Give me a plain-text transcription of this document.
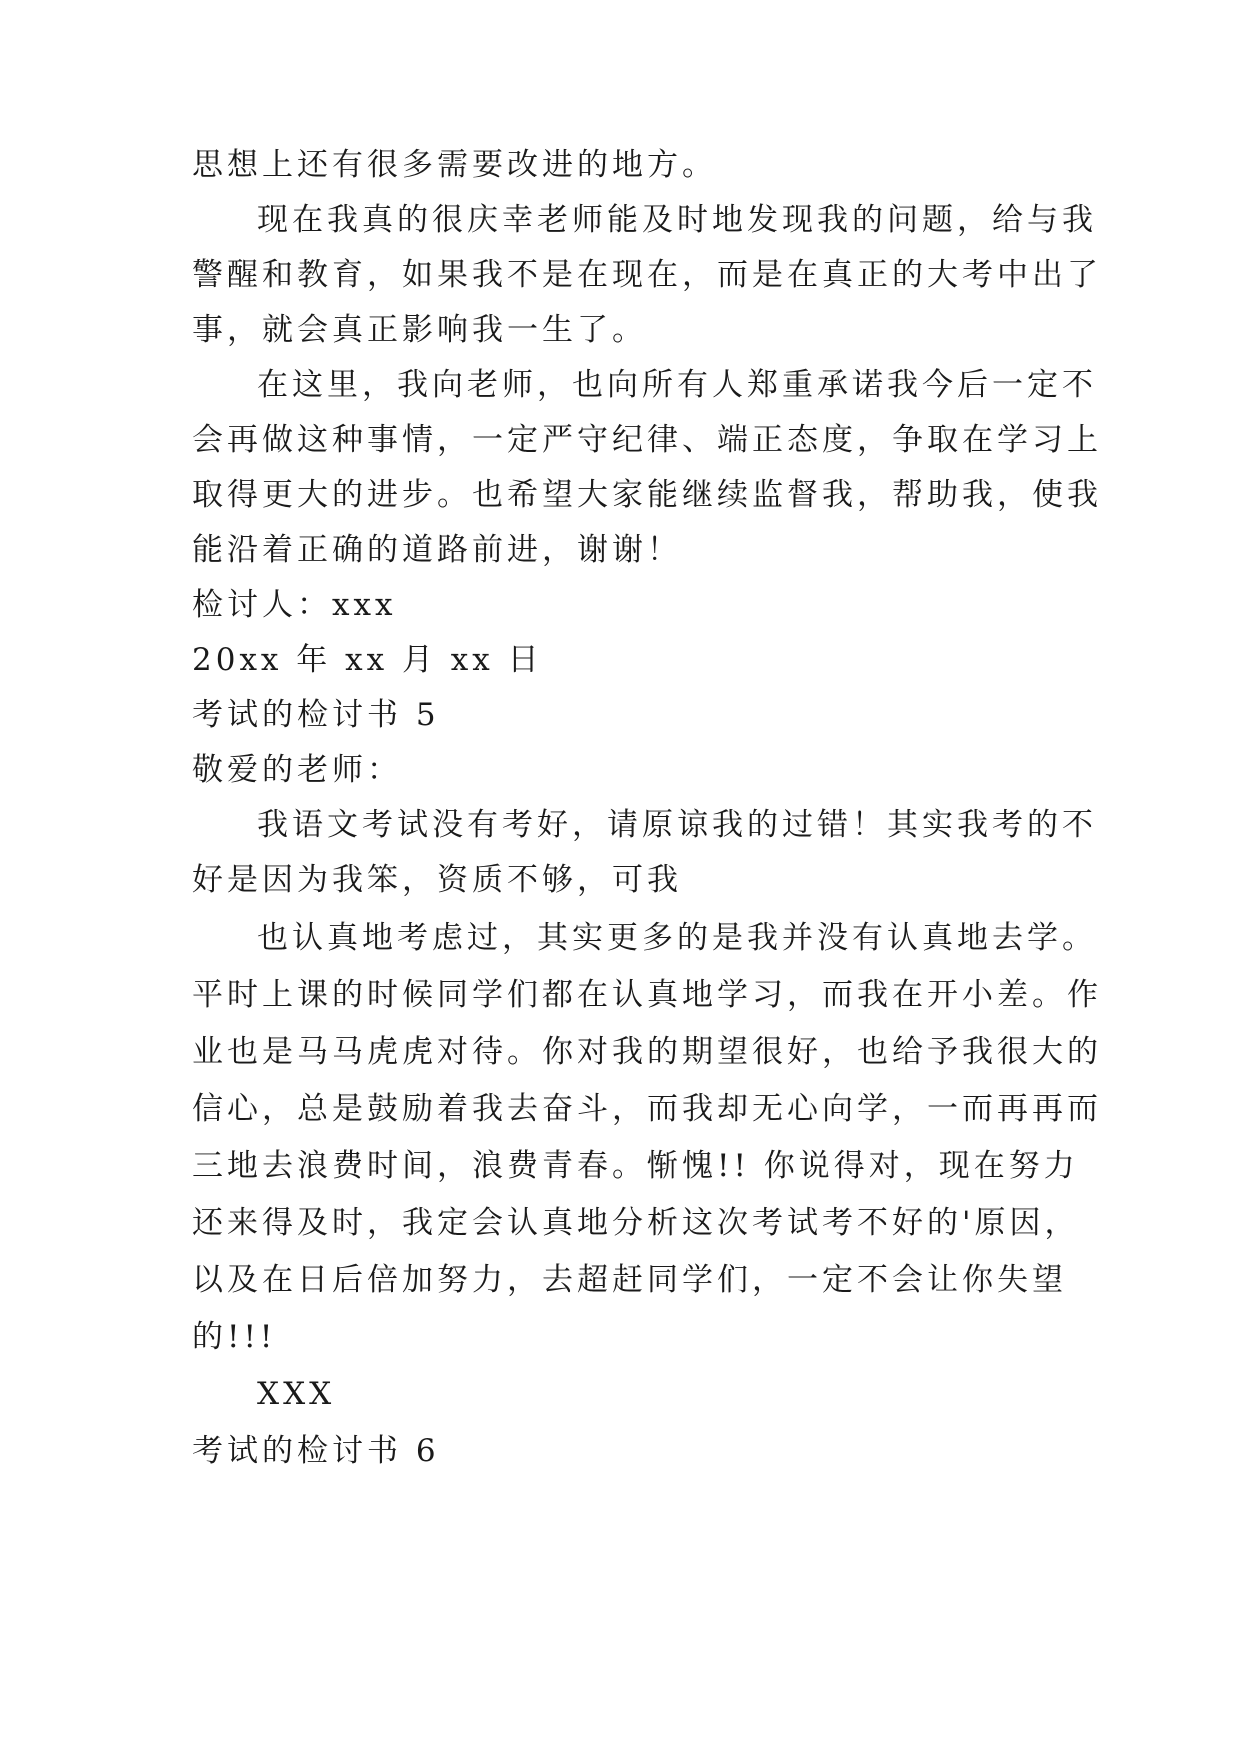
思想上还有很多需要改进的地方。
现在我真的很庆幸老师能及时地发现我的问题，给与我
警醒和教育，如果我不是在现在，而是在真正的大考中出了
事，就会真正影响我一生了。
在这里，我向老师，也向所有人郑重承诺我今后一定不
会再做这种事情，一定严守纪律、端正态度，争取在学习上
取得更大的进步。也希望大家能继续监督我，帮助我，使我
能沿着正确的道路前进，谢谢！
检讨人：xxx
20xx 年 xx 月 xx 日
考试的检讨书 5
敬爱的老师：
我语文考试没有考好，请原谅我的过错！其实我考的不
好是因为我笨，资质不够，可我
也认真地考虑过，其实更多的是我并没有认真地去学。
平时上课的时候同学们都在认真地学习，而我在开小差。作
业也是马马虎虎对待。你对我的期望很好，也给予我很大的
信心，总是鼓励着我去奋斗，而我却无心向学，一而再再而
三地去浪费时间，浪费青春。惭愧!! 你说得对，现在努力
还来得及时，我定会认真地分析这次考试考不好的'原因，
以及在日后倍加努力，去超赶同学们，一定不会让你失望
的!!!
XXX
考试的检讨书 6
